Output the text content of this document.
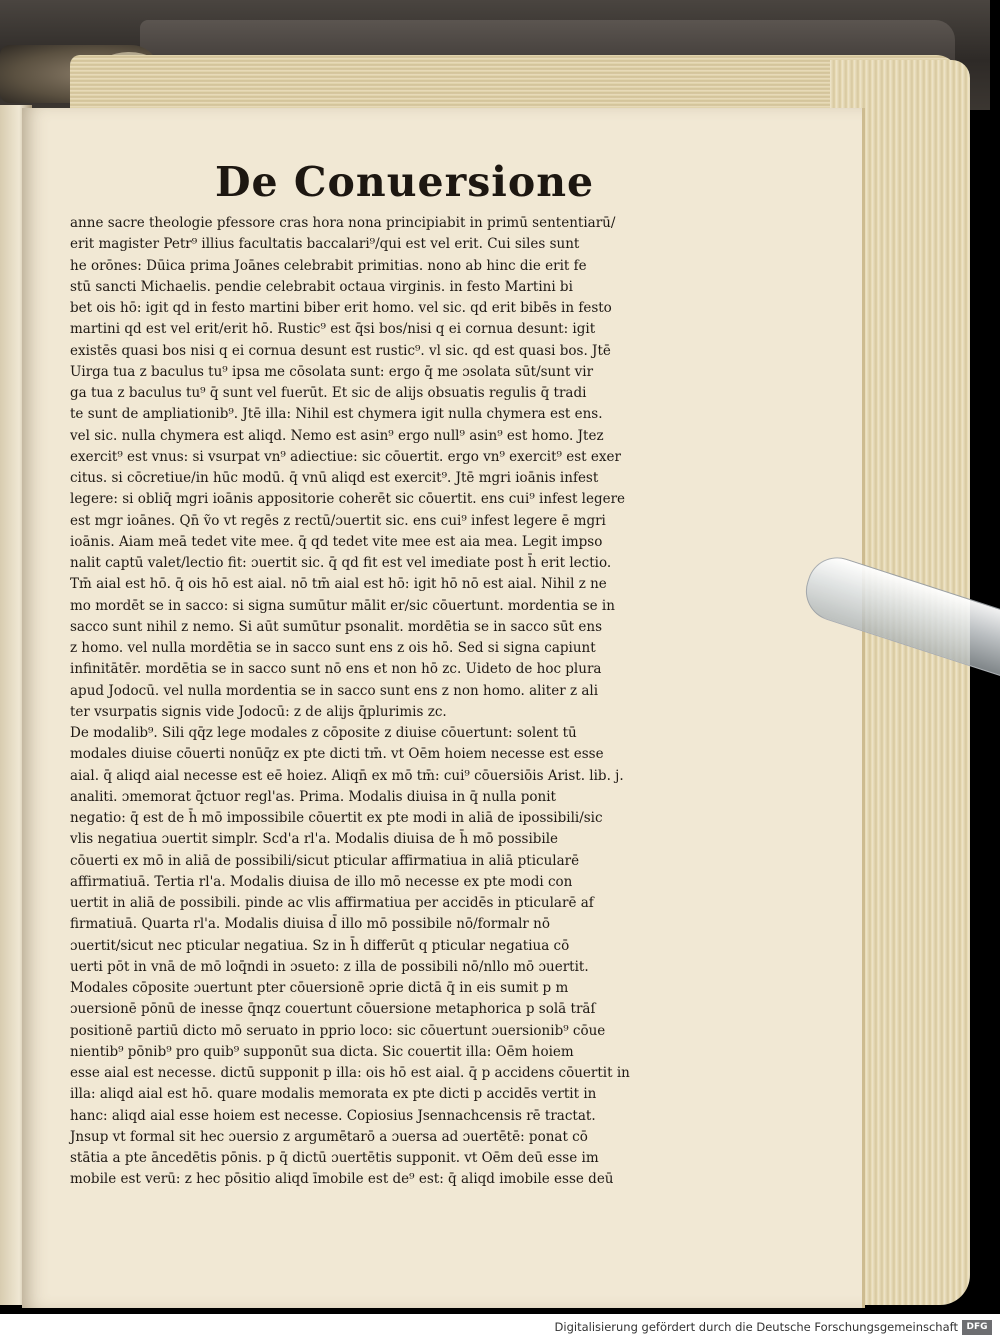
De Conuersione
anne sacre theologie pfessore cras hora nona principiabit in primū sententiarū/
erit magister Petr⁹ illius facultatis baccalari⁹/qui est vel erit. Cui siles sunt
he orōnes: Dūica prima Joānes celebrabit primitias. nono ab hinc die erit fe
stū sancti Michaelis. pendie celebrabit octaua virginis. in festo Martini bi
bet ois hō: igit qd in festo martini biber erit homo. vel sic. qd erit bibēs in festo
martini qd est vel erit/erit hō. Rustic⁹ est q̄si bos/nisi q ei cornua desunt: igit
existēs quasi bos nisi q ei cornua desunt est rustic⁹. vl sic. qd est quasi bos. Jtē
Uirga tua z baculus tu⁹ ipsa me cōsolata sunt: ergo q̄ me ɔsolata sūt/sunt vir
ga tua z baculus tu⁹ q̄ sunt vel fuerūt. Et sic de alijs obsuatis regulis q̄ tradi
te sunt de ampliationib⁹. Jtē illa: Nihil est chymera igit nulla chymera est ens.
vel sic. nulla chymera est aliqd. Nemo est asin⁹ ergo null⁹ asin⁹ est homo. Jtez
exercit⁹ est vnus: si vsurpat vn⁹ adiectiue: sic cōuertit. ergo vn⁹ exercit⁹ est exer
citus. si cōcretiue/in hūc modū. q̄ vnū aliqd est exercit⁹. Jtē mgri ioānis infest
legere: si obliq̄ mgri ioānis appositorie coherēt sic cōuertit. ens cui⁹ infest legere
est mgr ioānes. Qn̄ ṽo vt regēs z rectū/ɔuertit sic. ens cui⁹ infest legere ē mgri
ioānis. Aiam meā tedet vite mee. q̄ qd tedet vite mee est aia mea. Legit impso
nalit captū valet/lectio fit: ɔuertit sic. q̄ qd fit est vel imediate post h̄ erit lectio.
Tm̄ aial est hō. q̄ ois hō est aial. nō tm̄ aial est hō: igit hō nō est aial. Nihil z ne
mo mordēt se in sacco: si signa sumūtur mālit er/sic cōuertunt. mordentia se in
sacco sunt nihil z nemo. Si aūt sumūtur psonalit. mordētia se in sacco sūt ens
z homo. vel nulla mordētia se in sacco sunt ens z ois hō. Sed si signa capiunt
infinitātēr. mordētia se in sacco sunt nō ens et non hō zc. Uideto de hoc plura
apud Jodocū. vel nulla mordentia se in sacco sunt ens z non homo. aliter z ali
ter vsurpatis signis vide Jodocū: z de alijs q̄plurimis zc.
De modalib⁹. Sili qq̄z lege modales z cōposite z diuise cōuertunt: solent tū
modales diuise cōuerti nonūq̄z ex pte dicti tm̄. vt Oēm hoiem necesse est esse
aial. q̄ aliqd aial necesse est eē hoiez. Aliqn̄ ex mō tm̄: cui⁹ cōuersiōis Arist. lib. j.
analiti. ɔmemorat q̄ctuor regl'as. Prima. Modalis diuisa in q̄ nulla ponit
negatio: q̄ est de h̄ mō impossibile cōuertit ex pte modi in aliā de ipossibili/sic
vlis negatiua ɔuertit simplr. Scd'a rl'a. Modalis diuisa de h̄ mō possibile
cōuerti ex mō in aliā de possibili/sicut pticular affirmatiua in aliā pticularē
affirmatiuā. Tertia rl'a. Modalis diuisa de illo mō necesse ex pte modi con
uertit in aliā de possibili. pinde ac vlis affirmatiua per accidēs in pticularē af
firmatiuā. Quarta rl'a. Modalis diuisa d̄ illo mō possibile nō/formalr nō
ɔuertit/sicut nec pticular negatiua. Sz in h̄ differūt q pticular negatiua cō
uerti pōt in vnā de mō loq̄ndi in ɔsueto: z illa de possibili nō/nllo mō ɔuertit.
Modales cōposite ɔuertunt pter cōuersionē ɔprie dictā q̄ in eis sumit p m
ɔuersionē pōnū de inesse q̄nqz couertunt cōuersione metaphorica p solā trāſ
positionē partiū dicto mō seruato in pprio loco: sic cōuertunt ɔuersionib⁹ cōue
nientib⁹ pōnib⁹ pro quib⁹ supponūt sua dicta. Sic couertit illa: Oēm hoiem
esse aial est necesse. dictū supponit p illa: ois hō est aial. q̄ p accidens cōuertit in
illa: aliqd aial est hō. quare modalis memorata ex pte dicti p accidēs vertit in
hanc: aliqd aial esse hoiem est necesse. Copiosius Jsennachcensis rē tractat.
Jnsup vt formal sit hec ɔuersio z argumētarō a ɔuersa ad ɔuertētē: ponat cō
stātia a pte āncedētis pōnis. p q̄ dictū ɔuertētis supponit. vt Oēm deū esse im
mobile est verū: z hec pōsitio aliqd īmobile est de⁹ est: q̄ aliqd imobile esse deū
Digitalisierung gefördert durch die Deutsche Forschungsgemeinschaft DFG
